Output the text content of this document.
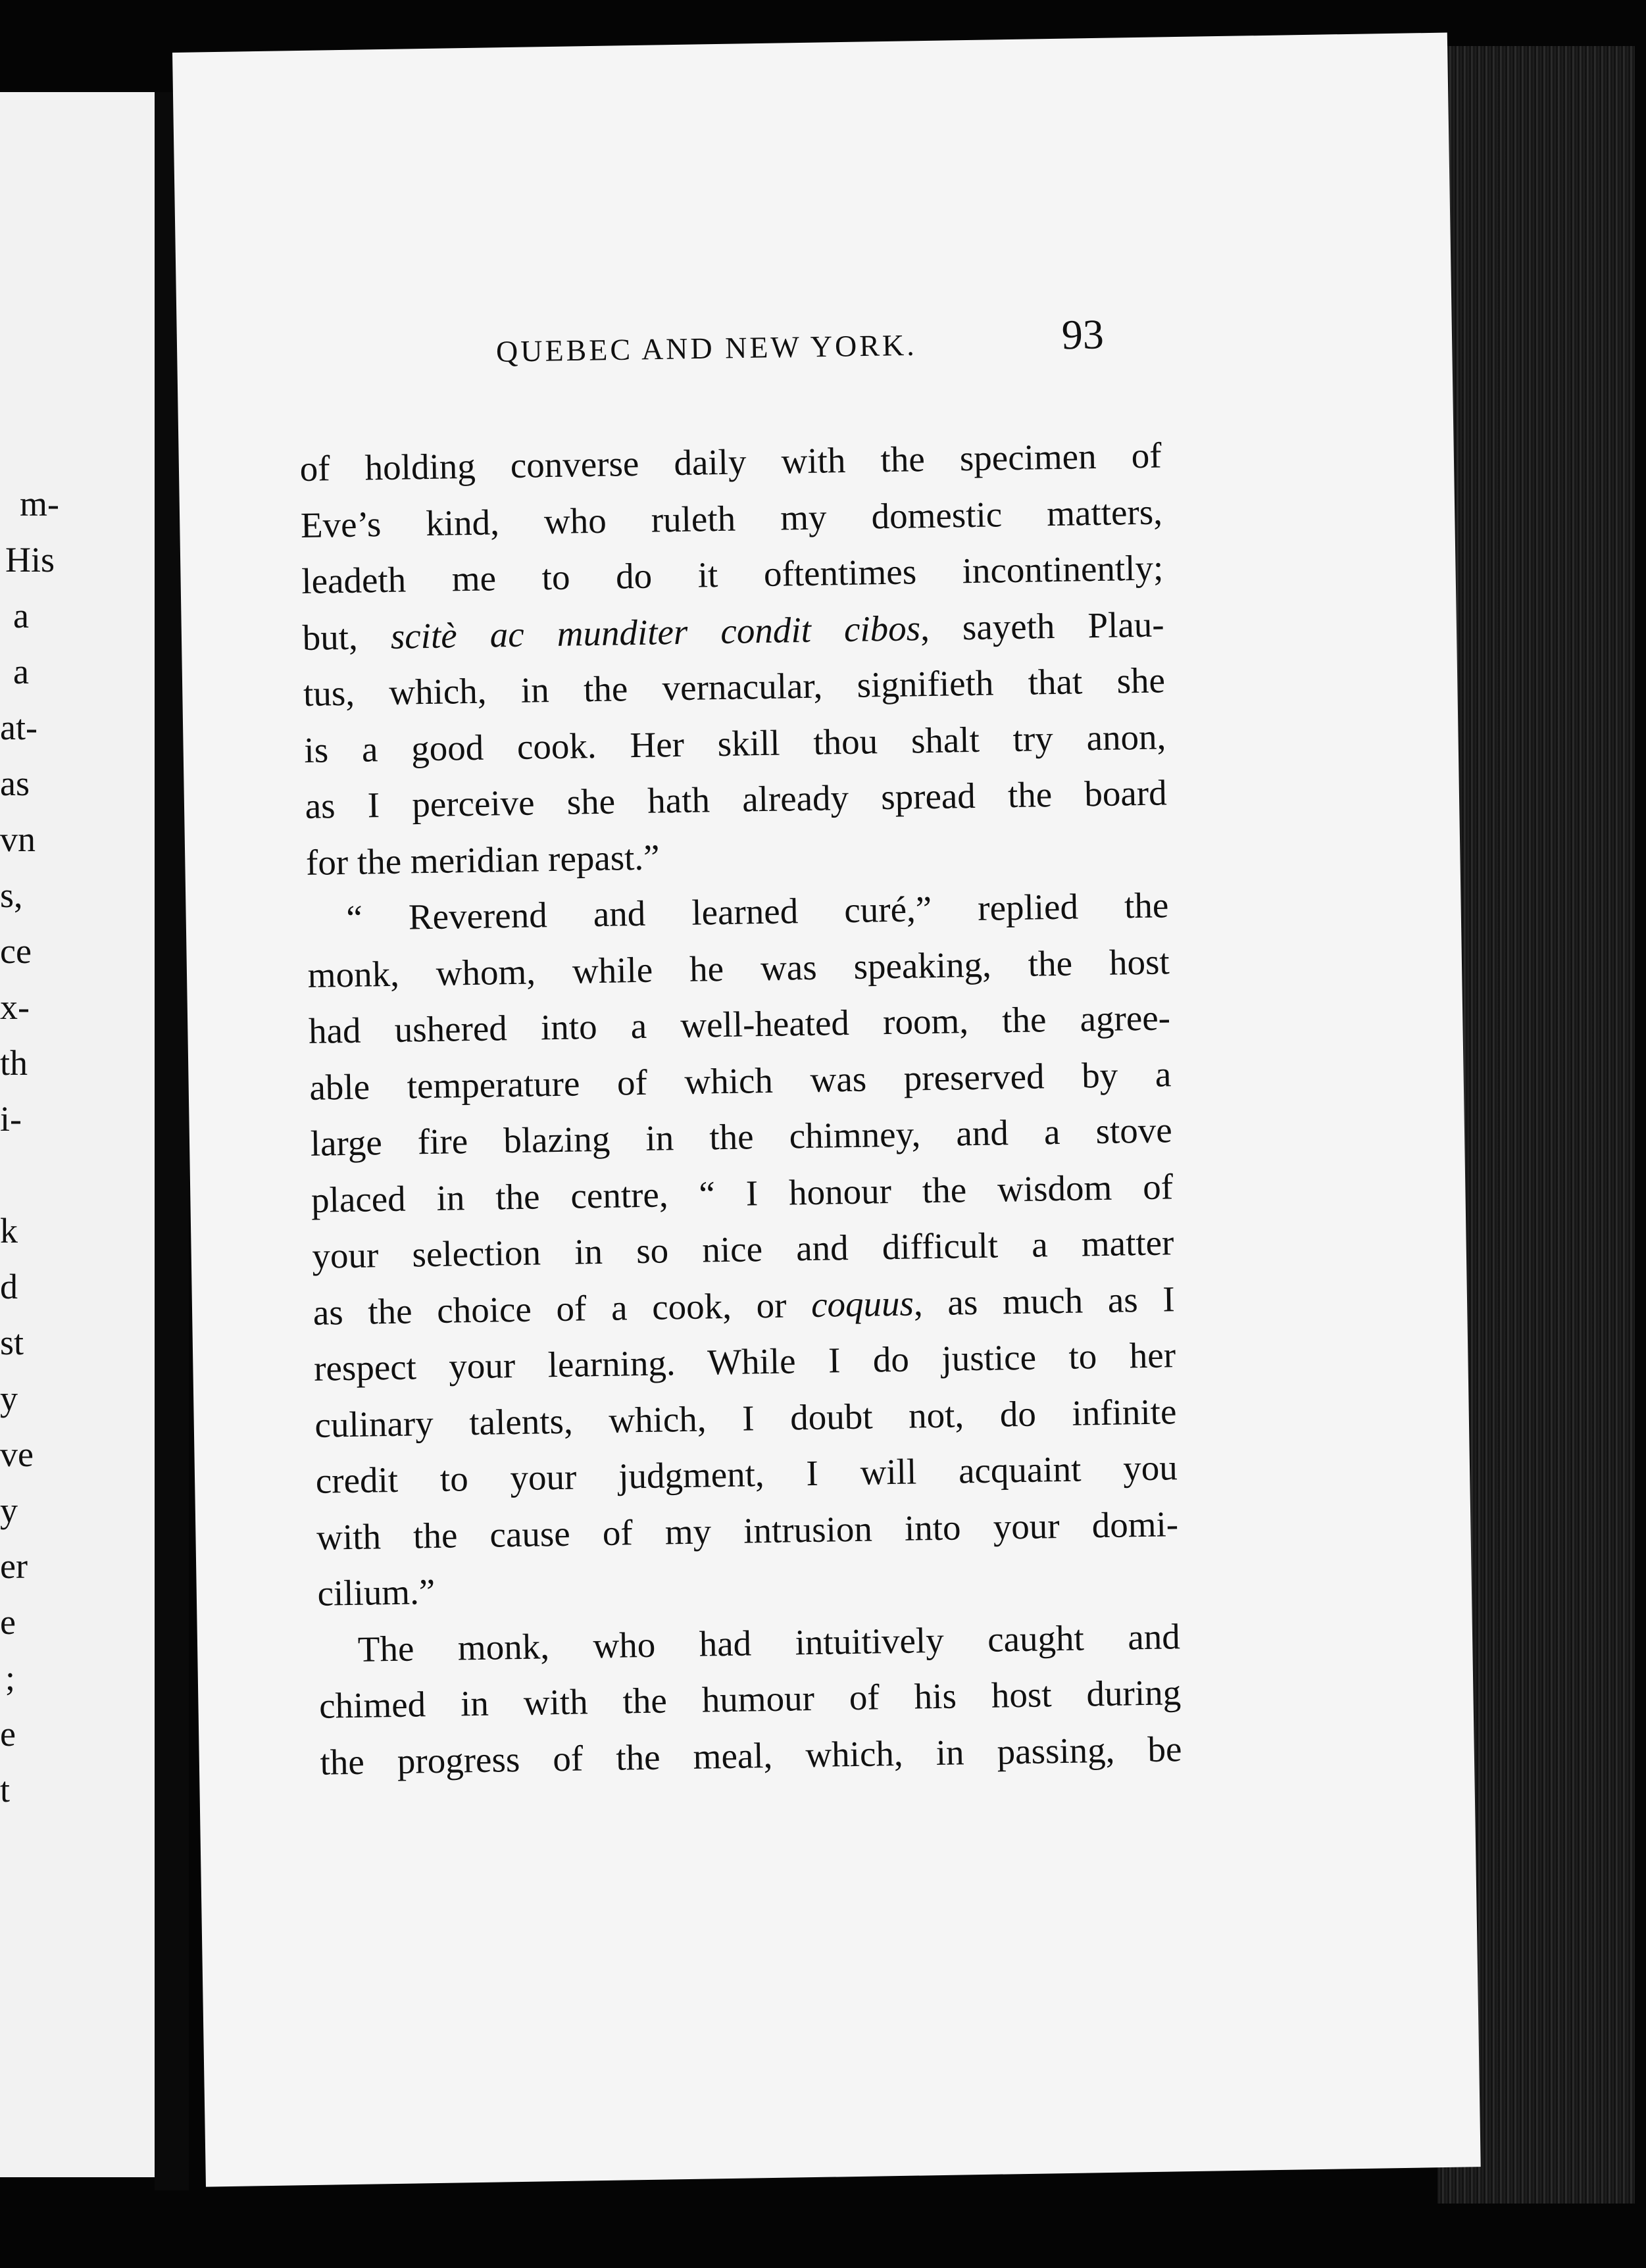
m-
His
a
a
at-
as
vn
s,
ce
x-
th
i-
k
d
st
y
ve
y
er
e
;
e
t
QUEBEC AND NEW YORK.	93
of holding converse daily with the specimen of
Eve’s kind, who ruleth my domestic matters,
leadeth me to do it oftentimes incontinently;
but, scitè ac munditer condit cibos, sayeth Plau-
tus, which, in the vernacular, signifieth that she
is a good cook. Her skill thou shalt try anon,
as I perceive she hath already spread the board
for the meridian repast.”
“ Reverend and learned curé,” replied the
monk, whom, while he was speaking, the host
had ushered into a well-heated room, the agree-
able temperature of which was preserved by a
large fire blazing in the chimney, and a stove
placed in the centre, “ I honour the wisdom of
your selection in so nice and difficult a matter
as the choice of a cook, or coquus, as much as I
respect your learning. While I do justice to her
culinary talents, which, I doubt not, do infinite
credit to your judgment, I will acquaint you
with the cause of my intrusion into your domi-
cilium.”
The monk, who had intuitively caught and
chimed in with the humour of his host during
the progress of the meal, which, in passing, be
